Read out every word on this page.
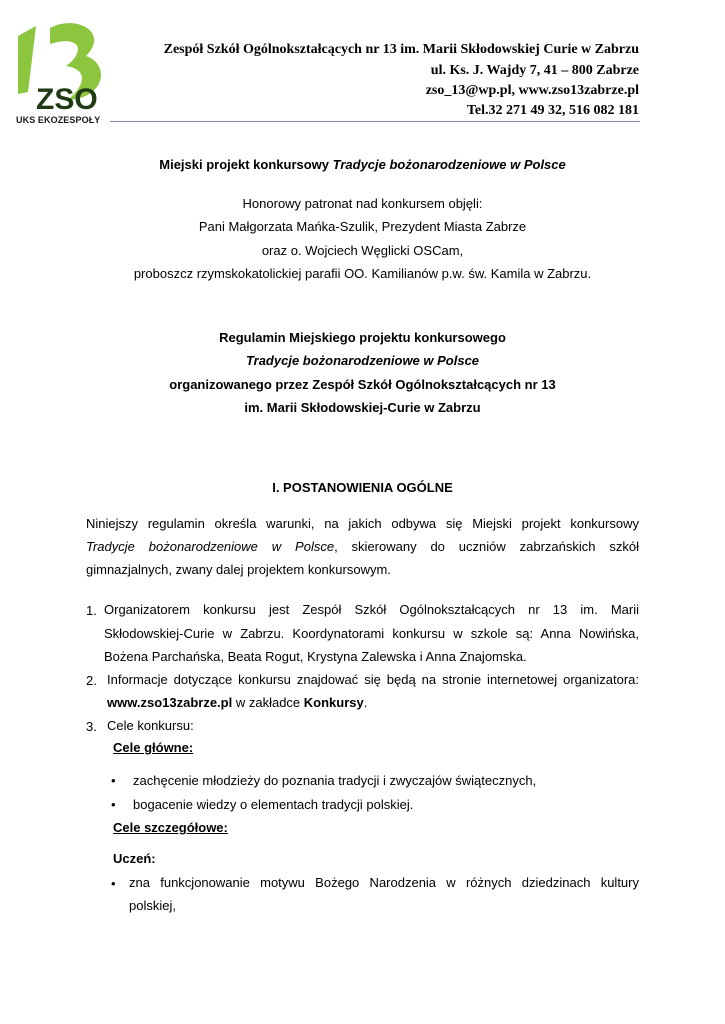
ZSO
UKS EKOZESPOŁY
Zespół Szkół Ogólnokształcących nr 13 im. Marii Skłodowskiej Curie w Zabrzu
ul. Ks. J. Wajdy 7, 41 – 800 Zabrze
zso_13@wp.pl, www.zso13zabrze.pl
Tel.32 271 49 32, 516 082 181
Miejski projekt konkursowy Tradycje bożonarodzeniowe w Polsce
Honorowy patronat nad konkursem objęli:
Pani Małgorzata Mańka-Szulik, Prezydent Miasta Zabrze
oraz o. Wojciech Węglicki OSCam,
proboszcz rzymskokatolickiej parafii OO. Kamilianów p.w. św. Kamila w Zabrzu.
Regulamin Miejskiego projektu konkursowego
Tradycje bożonarodzeniowe w Polsce
organizowanego przez Zespół Szkół Ogólnokształcących nr 13
im. Marii Skłodowskiej-Curie w Zabrzu
I. POSTANOWIENIA OGÓLNE
Niniejszy regulamin określa warunki, na jakich odbywa się Miejski projekt konkursowy
Tradycje bożonarodzeniowe w Polsce, skierowany do uczniów zabrzańskich szkół
gimnazjalnych, zwany dalej projektem konkursowym.
1. Organizatorem konkursu jest Zespół Szkół Ogólnokształcących nr 13 im. Marii
Skłodowskiej-Curie w Zabrzu. Koordynatorami konkursu w szkole są: Anna Nowińska,
Bożena Parchańska, Beata Rogut, Krystyna Zalewska i Anna Znajomska.
2. Informacje dotyczące konkursu znajdować się będą na stronie internetowej organizatora:
www.zso13zabrze.pl w zakładce Konkursy.
3. Cele konkursu:
Cele główne:
• zachęcenie młodzieży do poznania tradycji i zwyczajów świątecznych,
• bogacenie wiedzy o elementach tradycji polskiej.
Cele szczegółowe:
Uczeń:
• zna funkcjonowanie motywu Bożego Narodzenia w różnych dziedzinach kultury
polskiej,
